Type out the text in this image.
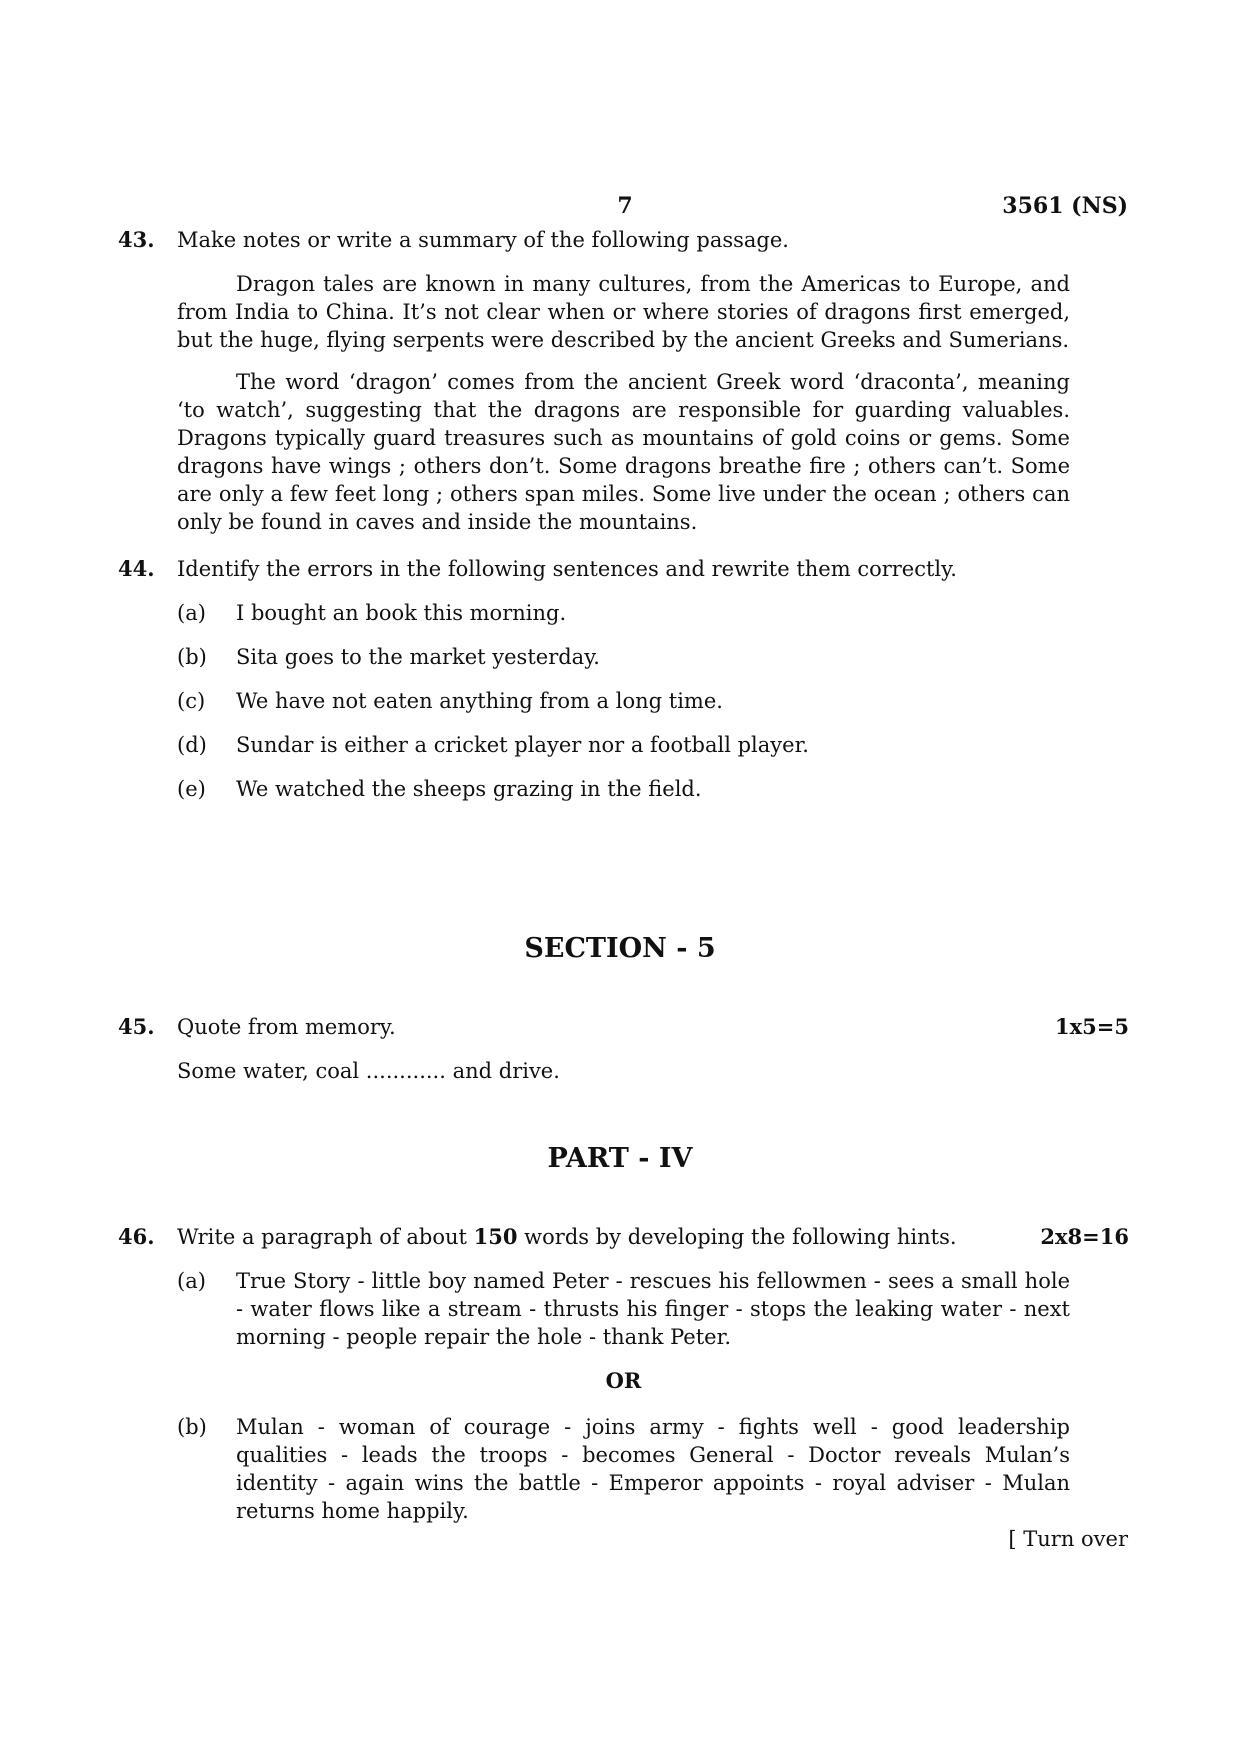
7	3561 (NS)
43. Make notes or write a summary of the following passage.
Dragon tales are known in many cultures, from the Americas to Europe, and from India to China. It’s not clear when or where stories of dragons first emerged, but the huge, flying serpents were described by the ancient Greeks and Sumerians.
The word ‘dragon’ comes from the ancient Greek word ‘draconta’, meaning ‘to watch’, suggesting that the dragons are responsible for guarding valuables. Dragons typically guard treasures such as mountains of gold coins or gems. Some dragons have wings ; others don’t. Some dragons breathe fire ; others can’t. Some are only a few feet long ; others span miles. Some live under the ocean ; others can only be found in caves and inside the mountains.
44. Identify the errors in the following sentences and rewrite them correctly.
(a) I bought an book this morning.
(b) Sita goes to the market yesterday.
(c) We have not eaten anything from a long time.
(d) Sundar is either a cricket player nor a football player.
(e) We watched the sheeps grazing in the field.
SECTION - 5
45. Quote from memory.	1x5=5
Some water, coal ............ and drive.
PART - IV
46. Write a paragraph of about 150 words by developing the following hints.	2x8=16
(a) True Story - little boy named Peter - rescues his fellowmen - sees a small hole - water flows like a stream - thrusts his finger - stops the leaking water - next morning - people repair the hole - thank Peter.
OR
(b) Mulan - woman of courage - joins army - fights well - good leadership qualities - leads the troops - becomes General - Doctor reveals Mulan’s identity - again wins the battle - Emperor appoints - royal adviser - Mulan returns home happily.
[ Turn over
